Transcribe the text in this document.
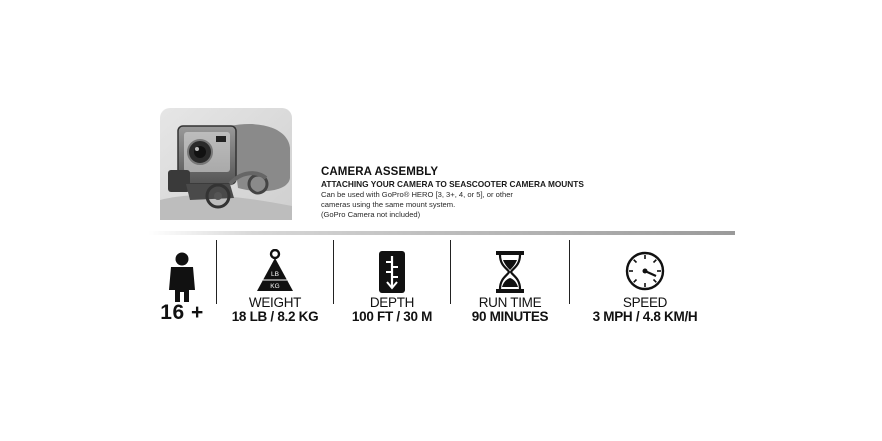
CAMERA ASSEMBLY
ATTACHING YOUR CAMERA TO SEASCOOTER CAMERA MOUNTS
Can be used with GoPro® HERO [3, 3+, 4, or 5], or other
cameras using the same mount system.
(GoPro Camera not included)
16 +
LB
KG
WEIGHT
18 LB / 8.2 KG
DEPTH
100 FT / 30 M
RUN TIME
90 MINUTES
SPEED
3 MPH / 4.8 KM/H
